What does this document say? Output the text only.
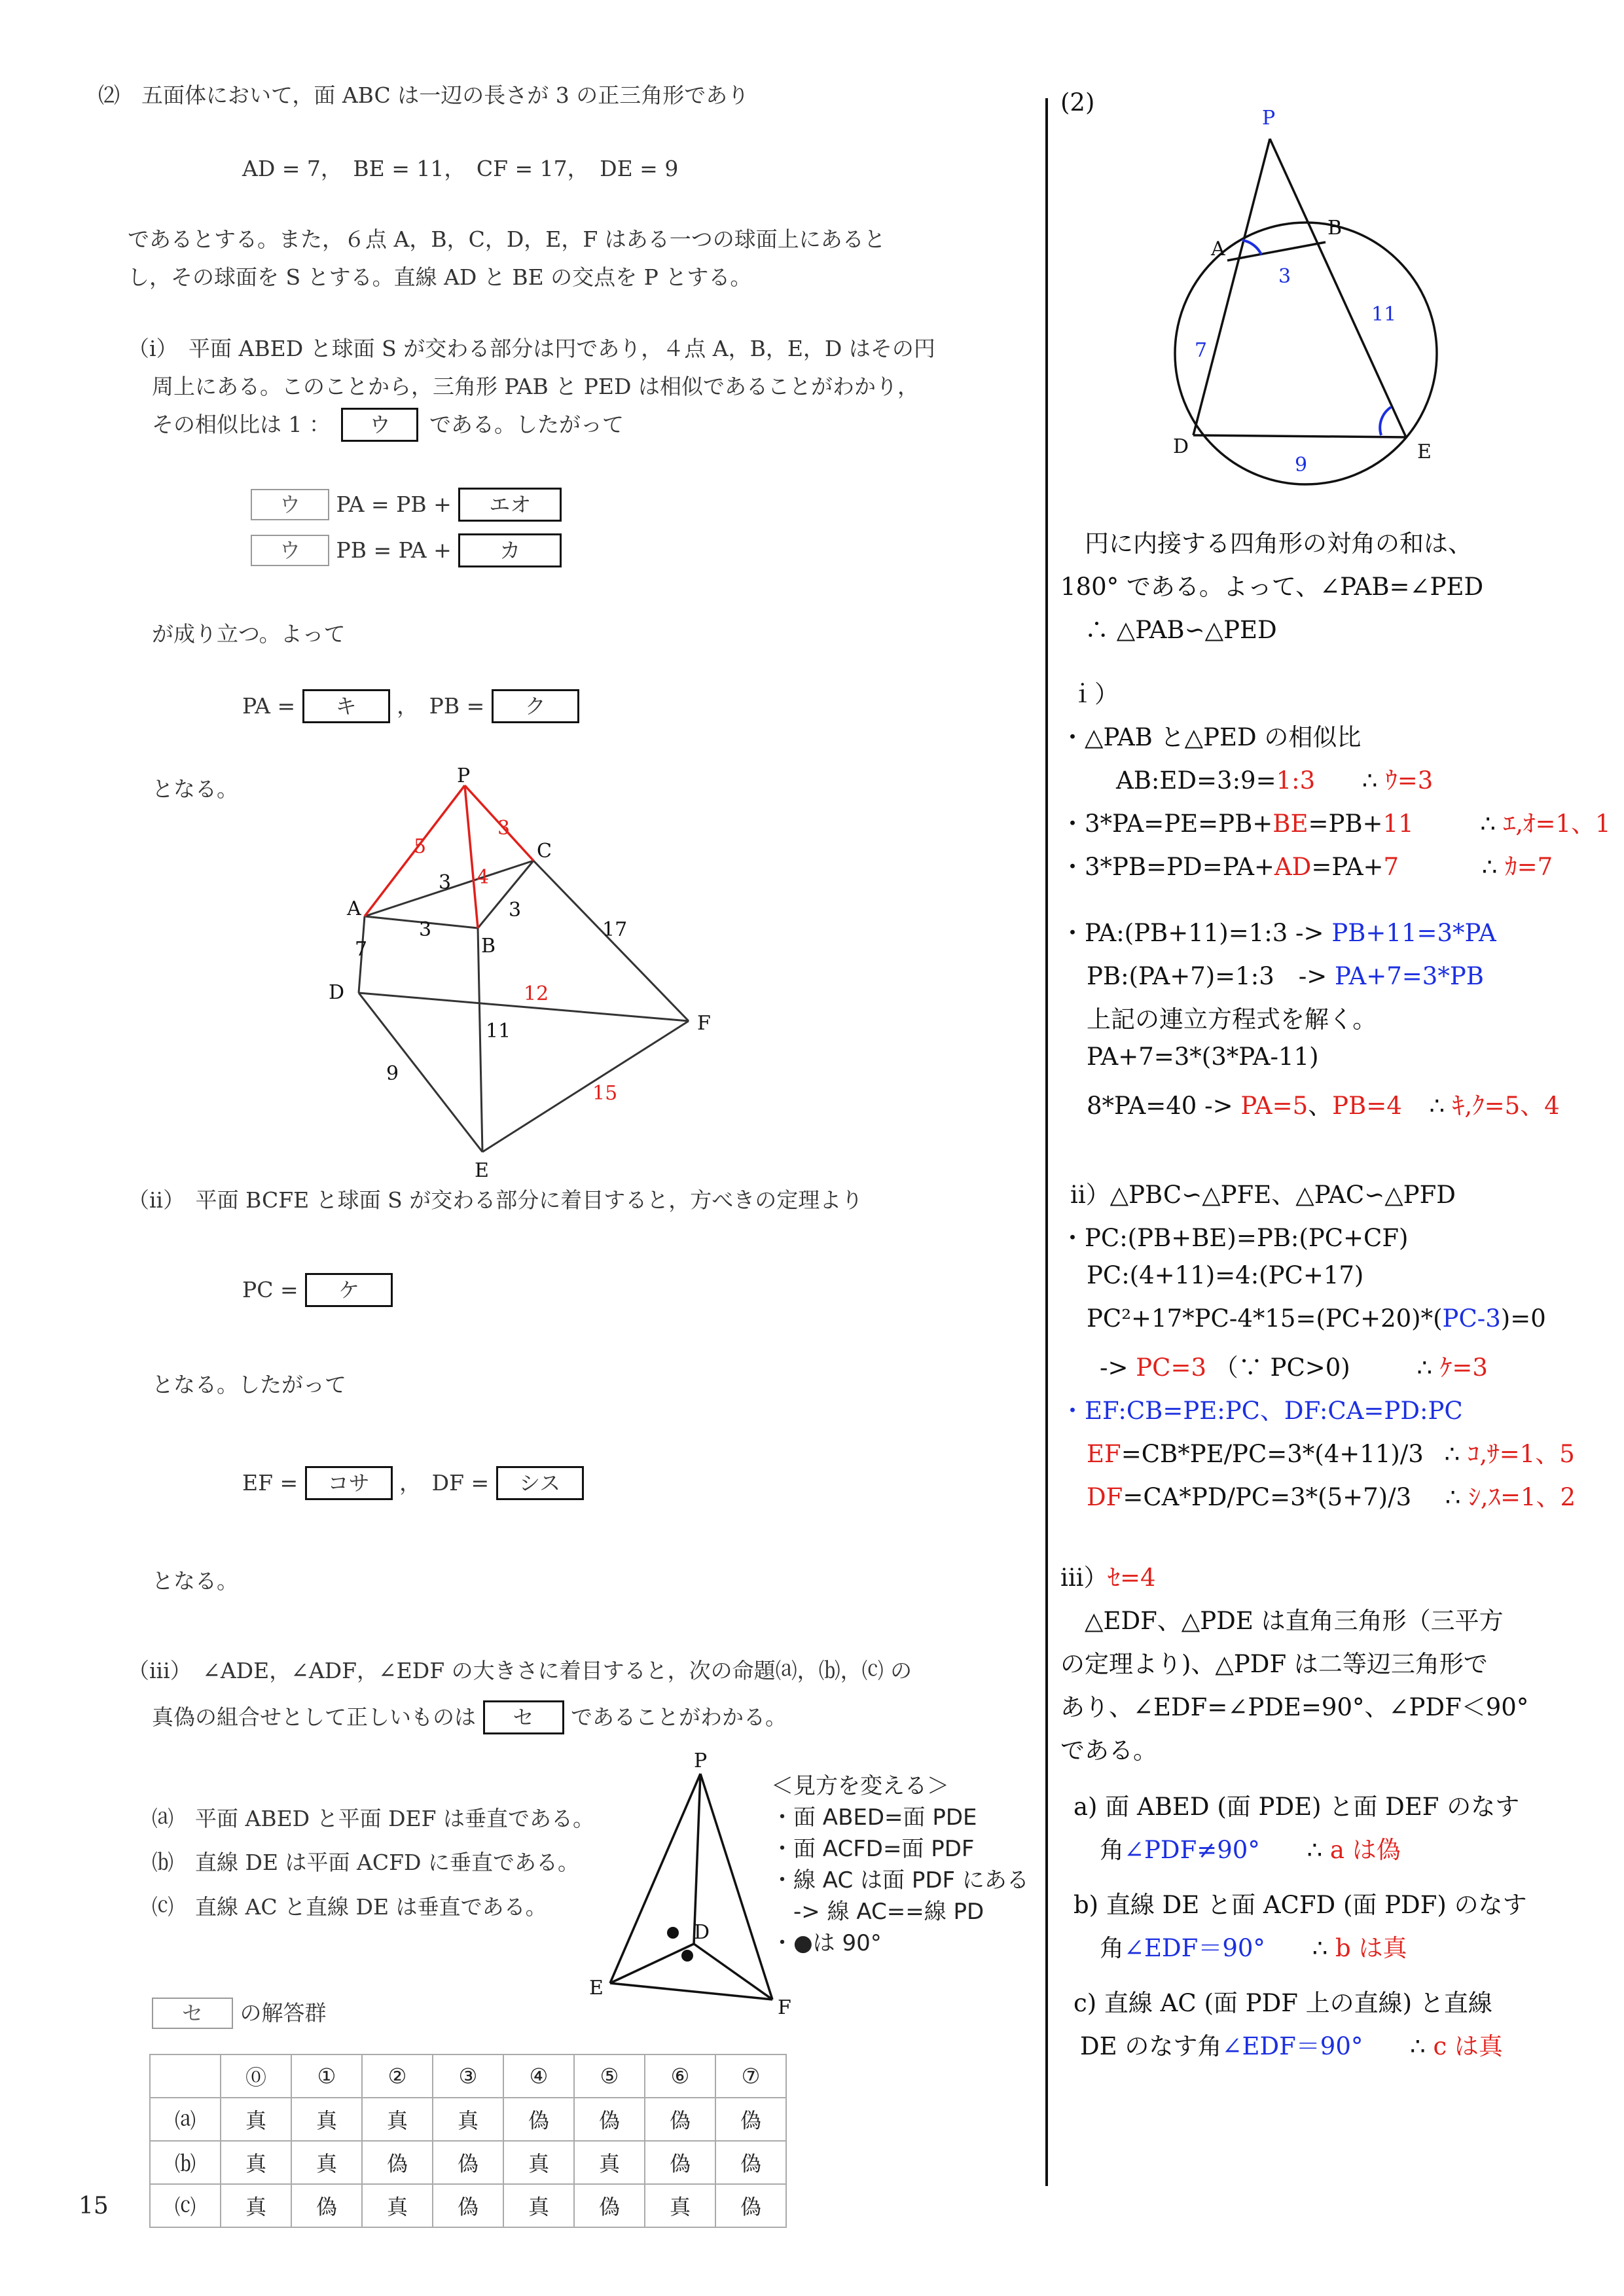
⑵　五面体において，面 ABC は一辺の長さが 3 の正三角形であり
AD = 7，　BE = 11，　CF = 17，　DE = 9
であるとする。また，６点 A，B，C，D，E，F はある一つの球面上にあると
し，その球面を S とする。直線 AD と BE の交点を P とする。
（i）　平面 ABED と球面 S が交わる部分は円であり，４点 A，B，E，D はその円
周上にある。このことから，三角形 PAB と PED は相似であることがわかり，
その相似比は 1 ： ウ である。したがって
ウ PA = PB + エオ
ウ PB = PA + カ
が成り立つ。よって
PA = キ ，　PB = ク
となる。
P
A
B
C
D
E
F
5
3
3 4
3
3
7
17
12
11
9
15
（ii）　平面 BCFE と球面 S が交わる部分に着目すると，方べきの定理より
PC = ケ
となる。したがって
EF = コサ ，　DF = シス
となる。
（iii）　∠ADE，∠ADF，∠EDF の大きさに着目すると，次の命題⒜，⒝，⒞ の
真偽の組合せとして正しいものは セ であることがわかる。
⒜　平面 ABED と平面 DEF は垂直である。
⒝　直線 DE は平面 ACFD に垂直である。
⒞　直線 AC と直線 DE は垂直である。
P
D
E
F
＜見方を変える＞
・面 ABED=面 PDE
・面 ACFD=面 PDF
・線 AC は面 PDF にある
　-> 線 AC==線 PD
・●は 90°
セ の解答群
	⓪	①	②	③	④	⑤	⑥	⑦
⒜	真	真	真	真	偽	偽	偽	偽
⒝	真	真	偽	偽	真	真	偽	偽
⒞	真	偽	真	偽	真	偽	真	偽
15
(2)
P
A
B
D	E
3
11
7
9
　円に内接する四角形の対角の和は、
180° である。よって、∠PAB=∠PED
　∴ △PAB∽△PED
ｉ）
・△PAB と△PED の相似比
AB:ED=3:9=1:3 ∴ ｳ=3
・3*PA=PE=PB+BE=PB+11	∴ ｴ,ｵ=1、1
・3*PB=PD=PA+AD=PA+7	∴ ｶ=7
・PA:(PB+11)=1:3 -> PB+11=3*PA
PB:(PA+7)=1:3　-> PA+7=3*PB
上記の連立方程式を解く。
PA+7=3*(3*PA-11)
8*PA=40 -> PA=5、PB=4 ∴ ｷ,ｸ=5、4
ⅱ）△PBC∽△PFE、△PAC∽△PFD
・PC:(PB+BE)=PB:(PC+CF)
PC:(4+11)=4:(PC+17)
PC²+17*PC-4*15=(PC+20)*(PC-3)=0
-> PC=3 （∵ PC>0)	∴ ｹ=3
・EF:CB=PE:PC、DF:CA=PD:PC
EF=CB*PE/PC=3*(4+11)/3 ∴ ｺ,ｻ=1、5
DF=CA*PD/PC=3*(5+7)/3 ∴ ｼ,ｽ=1、2
ⅲ）ｾ=4
　△EDF、△PDE は直角三角形（三平方
の定理より)、△PDF は二等辺三角形で
あり、∠EDF=∠PDE=90°、∠PDF＜90°
である。
a) 面 ABED (面 PDE) と面 DEF のなす
角∠PDF≠90° ∴ a は偽
b) 直線 DE と面 ACFD (面 PDF) のなす
角∠EDF＝90° ∴ b は真
c) 直線 AC (面 PDF 上の直線) と直線
DE のなす角∠EDF＝90° ∴ c は真
